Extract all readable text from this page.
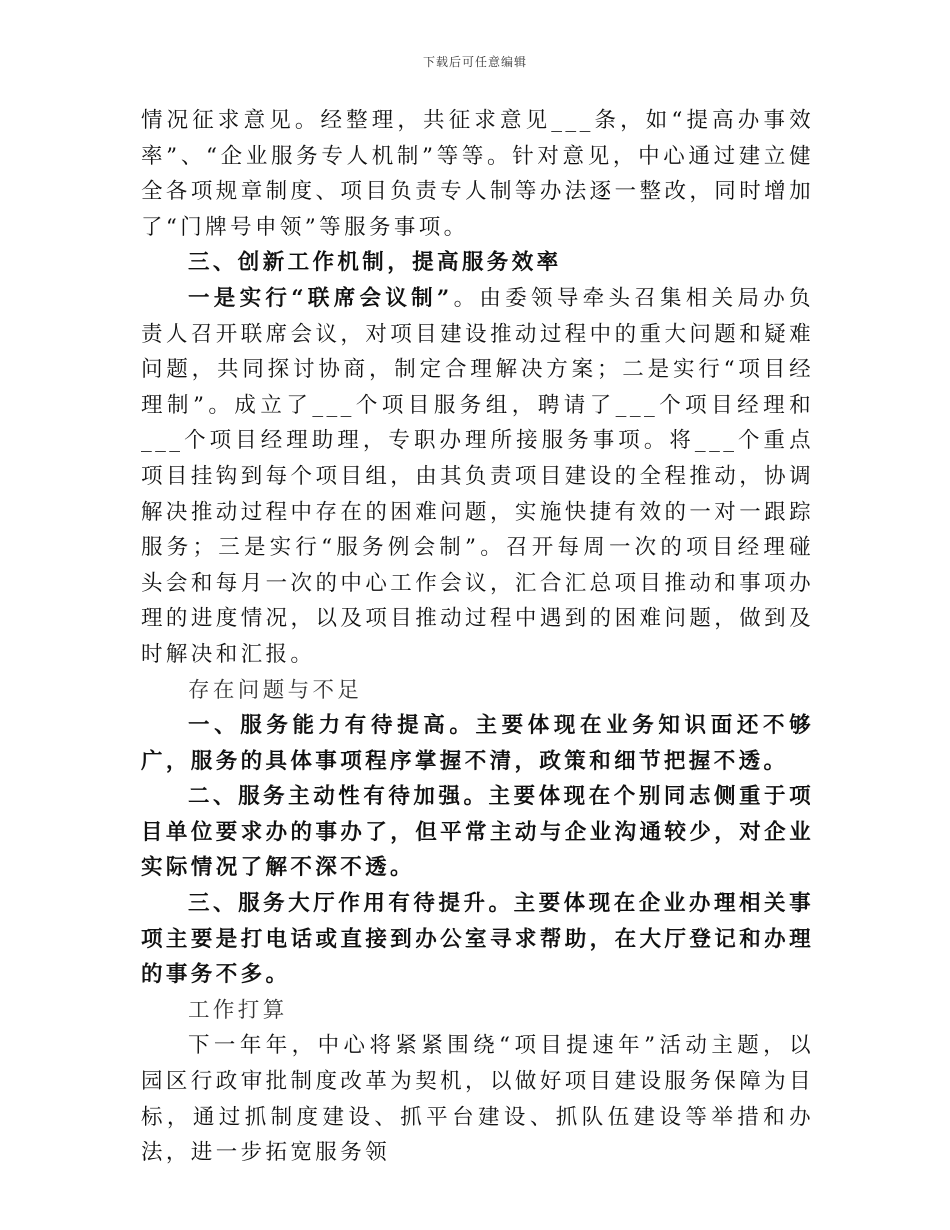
下载后可任意编辑

情况征求意见。经整理，共征求意见___条，如“提高办事效率”、“企业服务专人机制”等等。针对意见，中心通过建立健全各项规章制度、项目负责专人制等办法逐一整改，同时增加了“门牌号申领”等服务事项。

三、创新工作机制，提高服务效率

一是实行“联席会议制”。由委领导牵头召集相关局办负责人召开联席会议，对项目建设推动过程中的重大问题和疑难问题，共同探讨协商，制定合理解决方案；二是实行“项目经理制”。成立了___个项目服务组，聘请了___个项目经理和___个项目经理助理，专职办理所接服务事项。将___个重点项目挂钩到每个项目组，由其负责项目建设的全程推动，协调解决推动过程中存在的困难问题，实施快捷有效的一对一跟踪服务；三是实行“服务例会制”。召开每周一次的项目经理碰头会和每月一次的中心工作会议，汇合汇总项目推动和事项办理的进度情况，以及项目推动过程中遇到的困难问题，做到及时解决和汇报。

存在问题与不足

一、服务能力有待提高。主要体现在业务知识面还不够广，服务的具体事项程序掌握不清，政策和细节把握不透。

二、服务主动性有待加强。主要体现在个别同志侧重于项目单位要求办的事办了，但平常主动与企业沟通较少，对企业实际情况了解不深不透。

三、服务大厅作用有待提升。主要体现在企业办理相关事项主要是打电话或直接到办公室寻求帮助，在大厅登记和办理的事务不多。

工作打算

下一年年，中心将紧紧围绕“项目提速年”活动主题，以园区行政审批制度改革为契机，以做好项目建设服务保障为目标，通过抓制度建设、抓平台建设、抓队伍建设等举措和办法，进一步拓宽服务领
